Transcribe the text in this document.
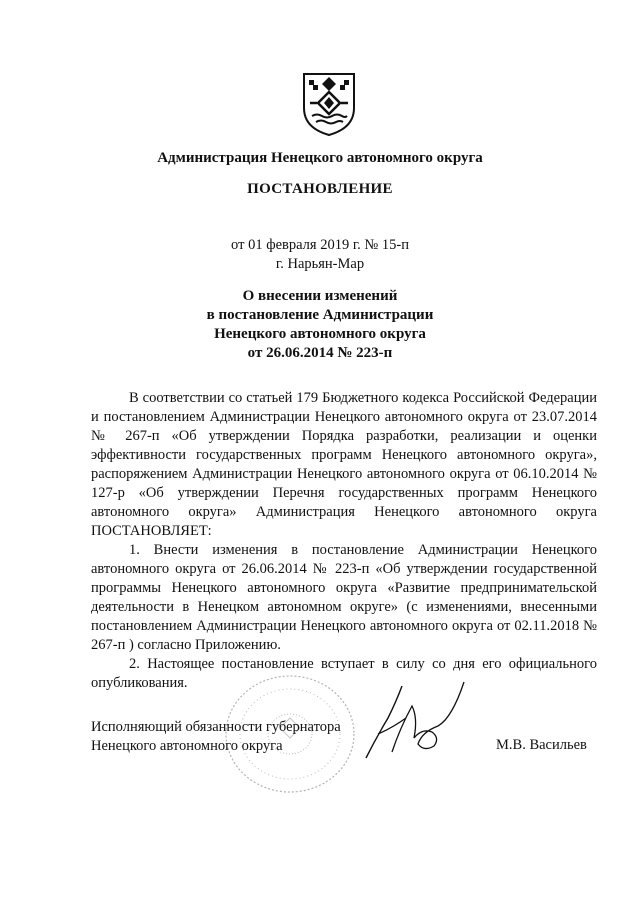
Администрация Ненецкого автономного округа
ПОСТАНОВЛЕНИЕ
от 01 февраля 2019 г. № 15-п
г. Нарьян-Мар
О внесении изменений
в постановление Администрации
Ненецкого автономного округа
от 26.06.2014 № 223-п

В соответствии со статьей 179 Бюджетного кодекса Российской Федерации и постановлением Администрации Ненецкого автономного округа от 23.07.2014 № 267-п «Об утверждении Порядка разработки, реализации и оценки эффективности государственных программ Ненецкого автономного округа», распоряжением Администрации Ненецкого автономного округа от 06.10.2014 № 127-р «Об утверждении Перечня государственных программ Ненецкого автономного округа» Администрация Ненецкого автономного округа ПОСТАНОВЛЯЕТ:

1. Внести изменения в постановление Администрации Ненецкого автономного округа от 26.06.2014 № 223-п «Об утверждении государственной программы Ненецкого автономного округа «Развитие предпринимательской деятельности в Ненецком автономном округе» (с изменениями, внесенными постановлением Администрации Ненецкого автономного округа от 02.11.2018 № 267-п ) согласно Приложению.

2. Настоящее постановление вступает в силу со дня его официального опубликования.

Исполняющий обязанности губернатора
Ненецкого автономного округа	М.В. Васильев
